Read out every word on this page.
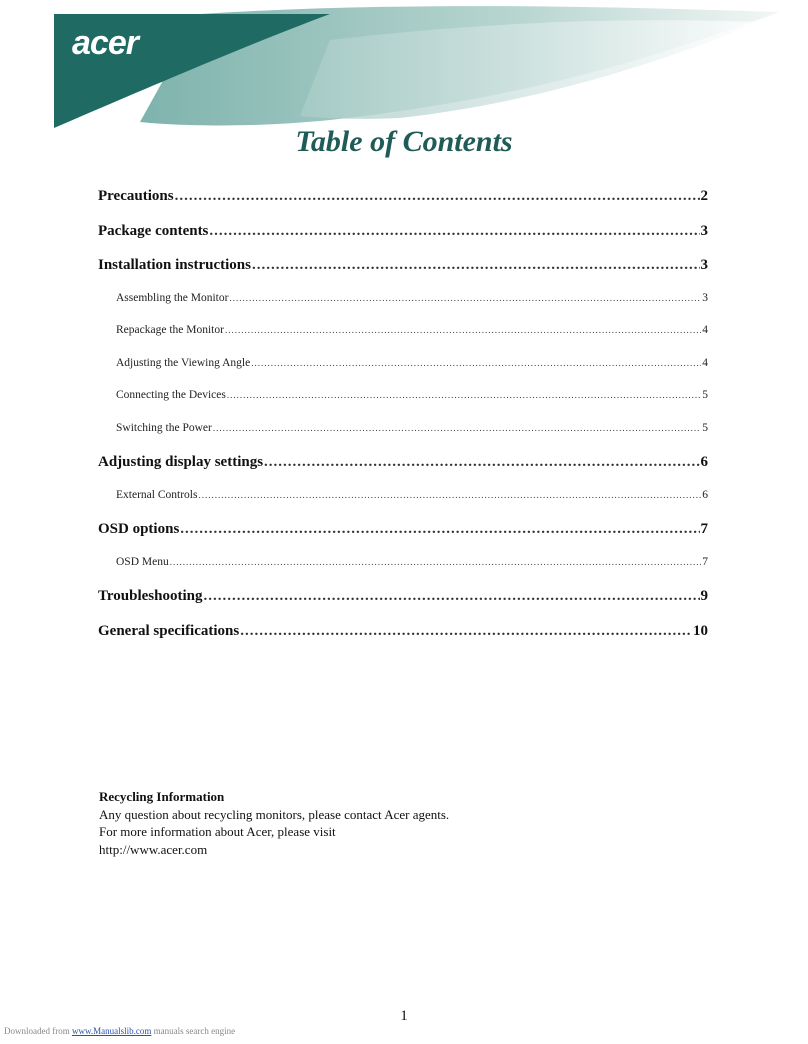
acer
Table of Contents
Precautions .....	2
Package contents .....	3
Installation instructions .....	3
Assembling the Monitor .....	3
Repackage the Monitor .....	4
Adjusting the Viewing Angle .....	4
Connecting the Devices .....	5
Switching the Power .....	5
Adjusting display settings .....	6
External Controls .....	6
OSD options .....	7
OSD Menu .....	7
Troubleshooting .....	9
General specifications .....	10
Recycling Information
Any question about recycling monitors, please contact Acer agents.
For more information about Acer, please visit
http://www.acer.com
1
Downloaded from www.Manualslib.com manuals search engine
